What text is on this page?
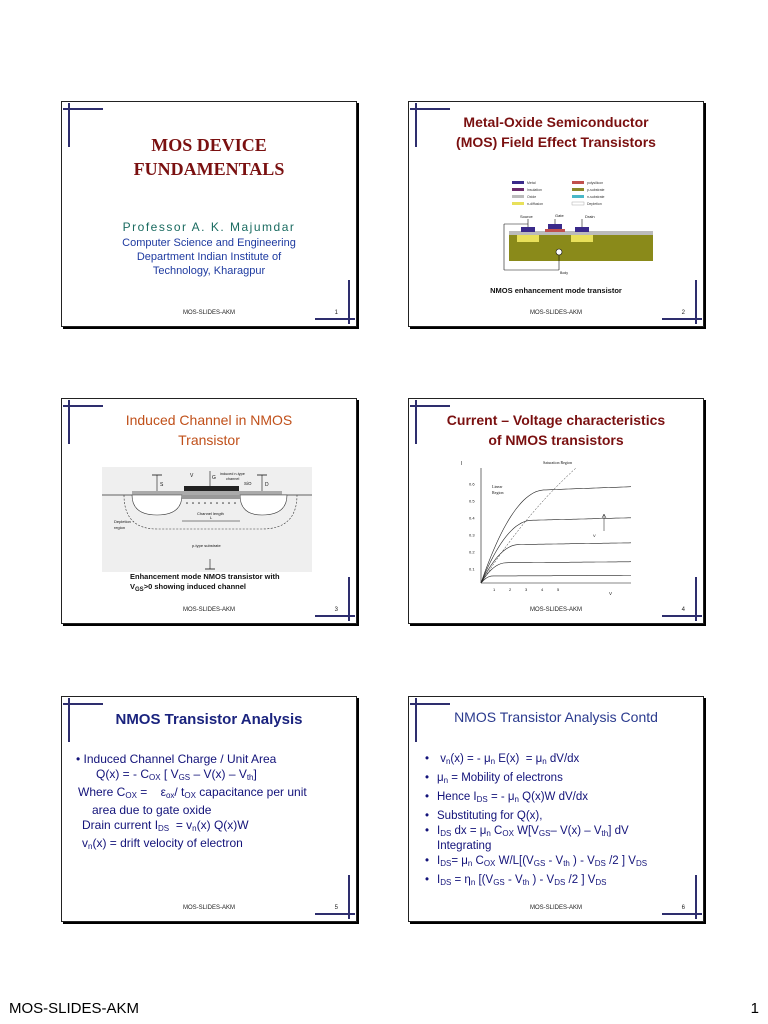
MOS DEVICE FUNDAMENTALS
Professor A. K. Majumdar
Computer Science and Engineering
Department Indian Institute of
Technology, Kharagpur
MOS-SLIDES-AKM	1
Metal-Oxide Semiconductor
(MOS) Field Effect Transistors
Metal	polysilicon
Insulation	p-substrate
Oxide	n-substrate
n-diffusion	Depletion
Source	Gate	Drain
Body
NMOS enhancement mode transistor
MOS-SLIDES-AKM	2
Induced Channel in NMOS
Transistor
S
G
D
V	induced n-type
channel
SiO
Channel length
L
Depletion
region
p-type substrate
Enhancement mode NMOS transistor with
$V_{GS}>0$ showing induced channel
MOS-SLIDES-AKM	3
Current – Voltage characteristics
of NMOS transistors
1	2	3	4	5
0.1
0.2
0.3
0.4
0.5
0.6
I	Saturation Region
Linear
Region
V
V
MOS-SLIDES-AKM	4
NMOS Transistor Analysis
• Induced Channel Charge / Unit Area
Q(x) = - $C_{OX}$ [ $V_{GS} - V(x) - V_{th}$]
Where $C_{OX}$ =    $\varepsilon_{ox}/$ $t_{OX}$ capacitance per unit
area due to gate oxide
Drain current $I_{DS} = v_n(x)$ Q(x)W
$v_n(x)$ = drift velocity of electron
MOS-SLIDES-AKM	5
NMOS Transistor Analysis Contd
•  $v_n(x)$ = - $\mu_n$ $E(x) = \mu_n$ dV/dx
• $\mu_n$ = Mobility of electrons
• Hence $I_{DS}$ = - $\mu_n$ Q(x)W dV/dx
• Substituting for Q(x),
• $I_{DS}$ dx = $\mu_n$ $C_{OX}$ $W[V_{GS}-$ $V(x) - V_{th}$] dV
Integrating
• $I_{DS}= \mu_n$ $C_{OX}$ $W/L[(V_{GS} - V_{th}$ ) - $V_{DS}$ /2 ] $V_{DS}$
• $I_{DS} = \eta_n$ [($V_{GS} - V_{th}$ ) - $V_{DS}$ /2 ] $V_{DS}$
MOS-SLIDES-AKM	6
MOS-SLIDES-AKM	1
